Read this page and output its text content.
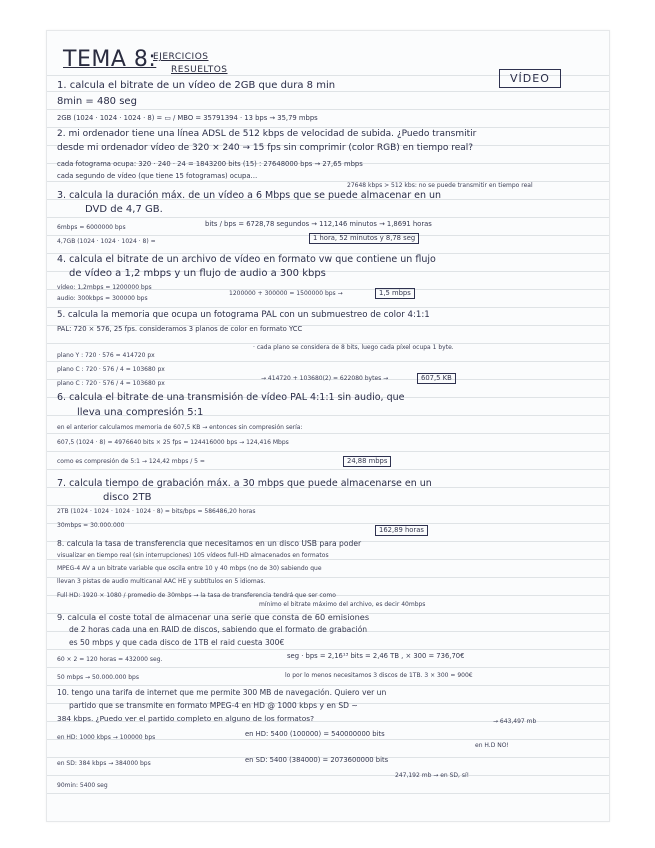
TEMA 8:
EJERCICIOS
RESUELTOS
VÍDEO
1. calcula el bitrate de un vídeo de 2GB que dura 8 min
8min = 480 seg
2GB (1024 · 1024 · 1024 · 8) = ▭ / MBO = 35791394 · 13 bps → 35,79 mbps
2. mi ordenador tiene una línea ADSL de 512 kbps de velocidad de subida. ¿Puedo transmitir
desde mi ordenador vídeo de 320 × 240 → 15 fps sin comprimir (color RGB) en tiempo real?
cada fotograma ocupa: 320 · 240 · 24 = 1843200 bits (15) : 27648000 bps → 27,65 mbps
cada segundo de vídeo (que tiene 15 fotogramas) ocupa…
27648 kbps > 512 kbs: no se puede transmitir en tiempo real
3. calcula la duración máx. de un vídeo a 6 Mbps que se puede almacenar en un
DVD de 4,7 GB.
bits / bps = 6728,78 segundos → 112,146 minutos → 1,8691 horas
6mbps = 6000000 bps
1 hora, 52 minutos y 8,78 seg
4,7GB (1024 · 1024 · 1024 · 8) =
4. calcula el bitrate de un archivo de vídeo en formato vw que contiene un flujo
de vídeo a 1,2 mbps y un flujo de audio a 300 kbps
vídeo: 1,2mbps = 1200000 bps
audio: 300kbps = 300000 bps
1200000 + 300000 = 1500000 bps →	1,5 mbps
5. calcula la memoria que ocupa un fotograma PAL con un submuestreo de color 4:1:1
PAL: 720 × 576, 25 fps. consideramos 3 planos de color en formato YCC
· cada plano se considera de 8 bits, luego cada píxel ocupa 1 byte.
plano Y : 720 · 576 = 414720 px
plano C : 720 · 576 / 4 = 103680 px
plano C : 720 · 576 / 4 = 103680 px
→ 414720 + 103680(2) = 622080 bytes →	607,5 KB
6. calcula el bitrate de una transmisión de vídeo PAL 4:1:1 sin audio, que
lleva una compresión 5:1
en el anterior calculamos memoria de 607,5 KB → entonces sin compresión sería:
607,5 (1024 · 8) = 4976640 bits × 25 fps = 124416000 bps → 124,416 Mbps
como es compresión de 5:1 → 124,42 mbps / 5 =	24,88 mbps
7. calcula tiempo de grabación máx. a 30 mbps que puede almacenarse en un
disco 2TB
2TB (1024 · 1024 · 1024 · 1024 · 8) = bits/bps = 586486,20 horas
30mbps = 30.000.000
162,89 horas
8. calcula la tasa de transferencia que necesitamos en un disco USB para poder
visualizar en tiempo real (sin interrupciones) 105 vídeos full-HD almacenados en formatos
MPEG-4 AV a un bitrate variable que oscila entre 10 y 40 mbps (no de 30) sabiendo que
llevan 3 pistas de audio multicanal AAC HE y subtítulos en 5 idiomas.
Full HD: 1920 × 1080 / promedio de 30mbps → la tasa de transferencia tendrá que ser como
mínimo el bitrate máximo del archivo, es decir 40mbps
9. calcula el coste total de almacenar una serie que consta de 60 emisiones
de 2 horas cada una en RAID de discos, sabiendo que el formato de grabación
es 50 mbps y que cada disco de 1TB el raid cuesta 300€
60 × 2 = 120 horas = 432000 seg.	seg · bps = 2,16¹³ bits = 2,46 TB , × 300 = 736,70€
50 mbps → 50.000.000 bps	lo por lo menos necesitamos 3 discos de 1TB. 3 × 300 = 900€
10. tengo una tarifa de internet que me permite 300 MB de navegación. Quiero ver un
partido que se transmite en formato MPEG-4 en HD @ 1000 kbps y en SD ~
384 kbps. ¿Puedo ver el partido completo en alguno de los formatos?	→ 643,497 mb
en HD: 1000 kbps → 100000 bps	en HD: 5400 (100000) = 540000000 bits
en H.D NO!
en SD: 384 kbps → 384000 bps	en SD: 5400 (384000) = 2073600000 bits
247,192 mb → en SD, sí!
90min: 5400 seg
